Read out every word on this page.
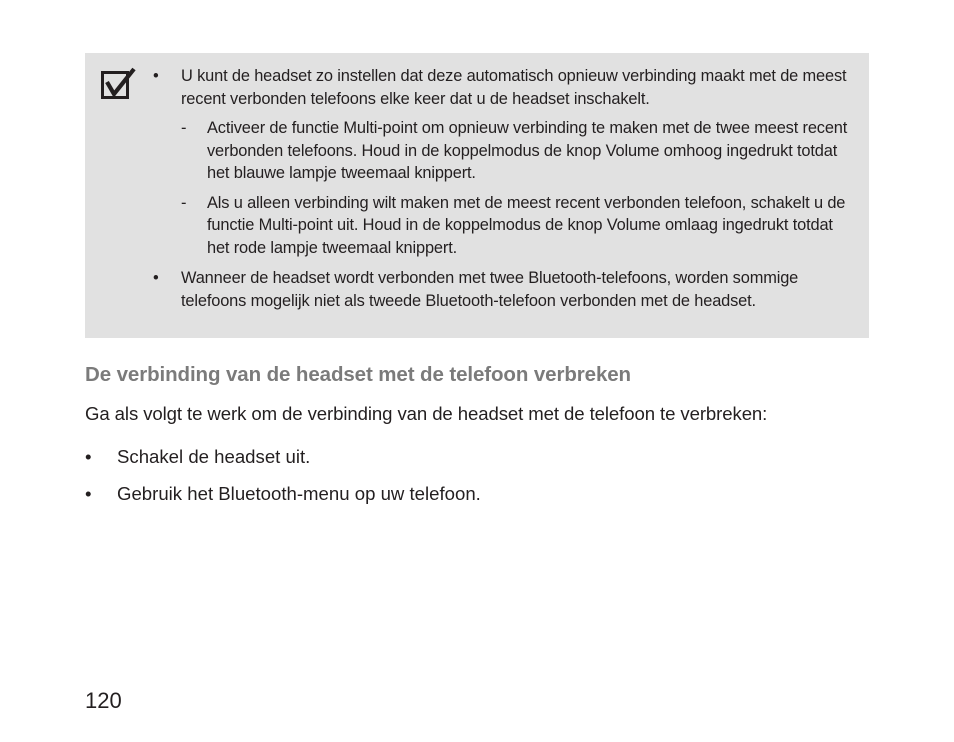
• U kunt de headset zo instellen dat deze automatisch opnieuw verbinding maakt met de meest recent verbonden telefoons elke keer dat u de headset inschakelt.
- Activeer de functie Multi-point om opnieuw verbinding te maken met de twee meest recent verbonden telefoons. Houd in de koppelmodus de knop Volume omhoog ingedrukt totdat het blauwe lampje tweemaal knippert.
- Als u alleen verbinding wilt maken met de meest recent verbonden telefoon, schakelt u de functie Multi-point uit. Houd in de koppelmodus de knop Volume omlaag ingedrukt totdat het rode lampje tweemaal knippert.
• Wanneer de headset wordt verbonden met twee Bluetooth-telefoons, worden sommige telefoons mogelijk niet als tweede Bluetooth-telefoon verbonden met de headset.
De verbinding van de headset met de telefoon verbreken
Ga als volgt te werk om de verbinding van de headset met de telefoon te verbreken:
• Schakel de headset uit.
• Gebruik het Bluetooth-menu op uw telefoon.
120
